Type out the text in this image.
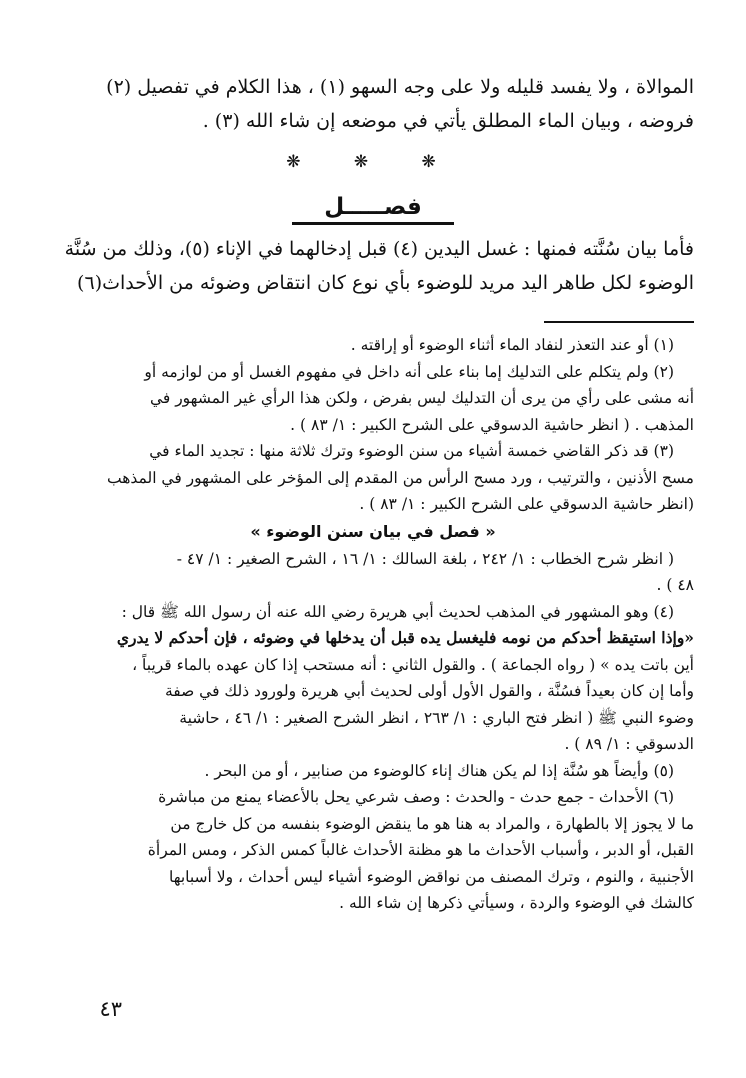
الموالاة ، ولا يفسد قليله ولا على وجه السهو (١) ، هذا الكلام في تفصيل (٢)

فروضه ، وبيان الماء المطلق يأتي في موضعه إن شاء الله (٣) .

❋ ❋ ❋
فصـــــل

فأما بيان سُنَّته فمنها : غسل اليدين (٤) قبل إدخالهما في الإناء (٥)، وذلك من سُنَّة

الوضوء لكل طاهر اليد مريد للوضوء بأي نوع كان انتقاض وضوئه من الأحداث(٦)

(١) أو عند التعذر لنفاد الماء أثناء الوضوء أو إراقته .

(٢) ولم يتكلم على التدليك إما بناء على أنه داخل في مفهوم الغسل أو من لوازمه أو
أنه مشى على رأي من يرى أن التدليك ليس بفرض ، ولكن هذا الرأي غير المشهور في
المذهب . ( انظر حاشية الدسوقي على الشرح الكبير : ١/ ٨٣ ) .

(٣) قد ذكر القاضي خمسة أشياء من سنن الوضوء وترك ثلاثة منها : تجديد الماء في
مسح الأذنين ، والترتيب ، ورد مسح الرأس من المقدم إلى المؤخر على المشهور في المذهب
(انظر حاشية الدسوقي على الشرح الكبير : ١/ ٨٣ ) .

« فصل في بيان سنن الوضوء »

( انظر شرح الخطاب : ١/ ٢٤٢ ، بلغة السالك : ١/ ١٦ ، الشرح الصغير : ١/ ٤٧ -
٤٨ ) .

(٤) وهو المشهور في المذهب لحديث أبي هريرة رضي الله عنه أن رسول الله ﷺ قال :
«وإذا استيقظ أحدكم من نومه فليغسل يده قبل أن يدخلها في وضوئه ، فإن أحدكم لا يدري
أين باتت يده » ( رواه الجماعة ) . والقول الثاني : أنه مستحب إذا كان عهده بالماء قريباً ،
وأما إن كان بعيداً فسُنَّة ، والقول الأول أولى لحديث أبي هريرة ولورود ذلك في صفة
وضوء النبي ﷺ ( انظر فتح الباري : ١/ ٢٦٣ ، انظر الشرح الصغير : ١/ ٤٦ ، حاشية
الدسوقي : ١/ ٨٩ ) .

(٥) وأيضاً هو سُنَّة إذا لم يكن هناك إناء كالوضوء من صنابير ، أو من البحر .

(٦) الأحداث - جمع حدث - والحدث : وصف شرعي يحل بالأعضاء يمنع من مباشرة
ما لا يجوز إلا بالطهارة ، والمراد به هنا هو ما ينقض الوضوء بنفسه من كل خارج من
القبل، أو الدبر ، وأسباب الأحداث ما هو مظنة الأحداث غالباً كمس الذكر ، ومس المرأة
الأجنبية ، والنوم ، وترك المصنف من نواقض الوضوء أشياء ليس أحداث ، ولا أسبابها
كالشك في الوضوء والردة ، وسيأتي ذكرها إن شاء الله .

٤٣
